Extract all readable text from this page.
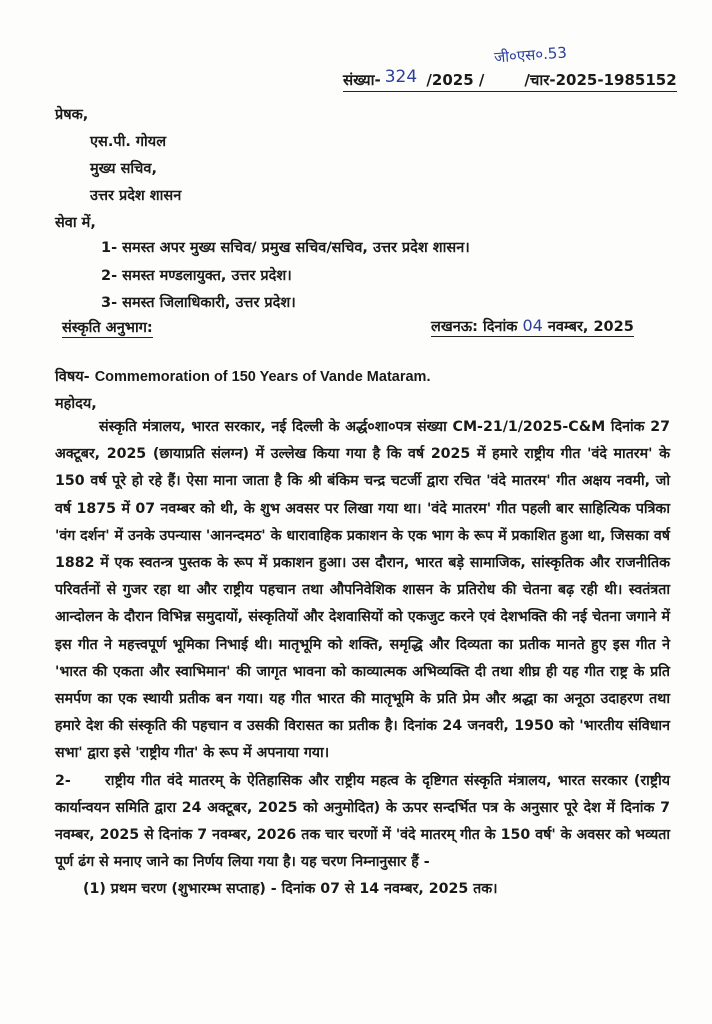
जी०एस०.53
संख्या- 324 /2025 /	/चार-2025-1985152
प्रेषक,
एस.पी. गोयल
मुख्य सचिव,
उत्तर प्रदेश शासन
सेवा में,
1- समस्त अपर मुख्य सचिव/ प्रमुख सचिव/सचिव, उत्तर प्रदेश शासन।
2- समस्त मण्डलायुक्त, उत्तर प्रदेश।
3- समस्त जिलाधिकारी, उत्तर प्रदेश।
संस्कृति अनुभाग:	लखनऊ: दिनांक 04 नवम्बर, 2025
विषय- Commemoration of 150 Years of Vande Mataram.
महोदय,

संस्कृति मंत्रालय, भारत सरकार, नई दिल्ली के अर्द्ध०शा०पत्र संख्या CM-21/1/2025-C&M दिनांक 27 अक्टूबर, 2025 (छायाप्रति संलग्न) में उल्लेख किया गया है कि वर्ष 2025 में हमारे राष्ट्रीय गीत 'वंदे मातरम' के 150 वर्ष पूरे हो रहे हैं। ऐसा माना जाता है कि श्री बंकिम चन्द्र चटर्जी द्वारा रचित 'वंदे मातरम' गीत अक्षय नवमी, जो वर्ष 1875 में 07 नवम्बर को थी, के शुभ अवसर पर लिखा गया था। 'वंदे मातरम' गीत पहली बार साहित्यिक पत्रिका 'वंग दर्शन' में उनके उपन्यास 'आनन्दमठ' के धारावाहिक प्रकाशन के एक भाग के रूप में प्रकाशित हुआ था, जिसका वर्ष 1882 में एक स्वतन्त्र पुस्तक के रूप में प्रकाशन हुआ। उस दौरान, भारत बड़े सामाजिक, सांस्कृतिक और राजनीतिक परिवर्तनों से गुजर रहा था और राष्ट्रीय पहचान तथा औपनिवेशिक शासन के प्रतिरोध की चेतना बढ़ रही थी। स्वतंत्रता आन्दोलन के दौरान विभिन्न समुदायों, संस्कृतियों और देशवासियों को एकजुट करने एवं देशभक्ति की नई चेतना जगाने में इस गीत ने महत्त्वपूर्ण भूमिका निभाई थी। मातृभूमि को शक्ति, समृद्धि और दिव्यता का प्रतीक मानते हुए इस गीत ने 'भारत की एकता और स्वाभिमान' की जागृत भावना को काव्यात्मक अभिव्यक्ति दी तथा शीघ्र ही यह गीत राष्ट्र के प्रति समर्पण का एक स्थायी प्रतीक बन गया। यह गीत भारत की मातृभूमि के प्रति प्रेम और श्रद्धा का अनूठा उदाहरण तथा हमारे देश की संस्कृति की पहचान व उसकी विरासत का प्रतीक है। दिनांक 24 जनवरी, 1950 को 'भारतीय संविधान सभा' द्वारा इसे 'राष्ट्रीय गीत' के रूप में अपनाया गया।

2- राष्ट्रीय गीत वंदे मातरम् के ऐतिहासिक और राष्ट्रीय महत्व के दृष्टिगत संस्कृति मंत्रालय, भारत सरकार (राष्ट्रीय कार्यान्वयन समिति द्वारा 24 अक्टूबर, 2025 को अनुमोदित) के ऊपर सन्दर्भित पत्र के अनुसार पूरे देश में दिनांक 7 नवम्बर, 2025 से दिनांक 7 नवम्बर, 2026 तक चार चरणों में 'वंदे मातरम् गीत के 150 वर्ष' के अवसर को भव्यता पूर्ण ढंग से मनाए जाने का निर्णय लिया गया है। यह चरण निम्नानुसार हैं -

(1) प्रथम चरण (शुभारम्भ सप्ताह) - दिनांक 07 से 14 नवम्बर, 2025 तक।
